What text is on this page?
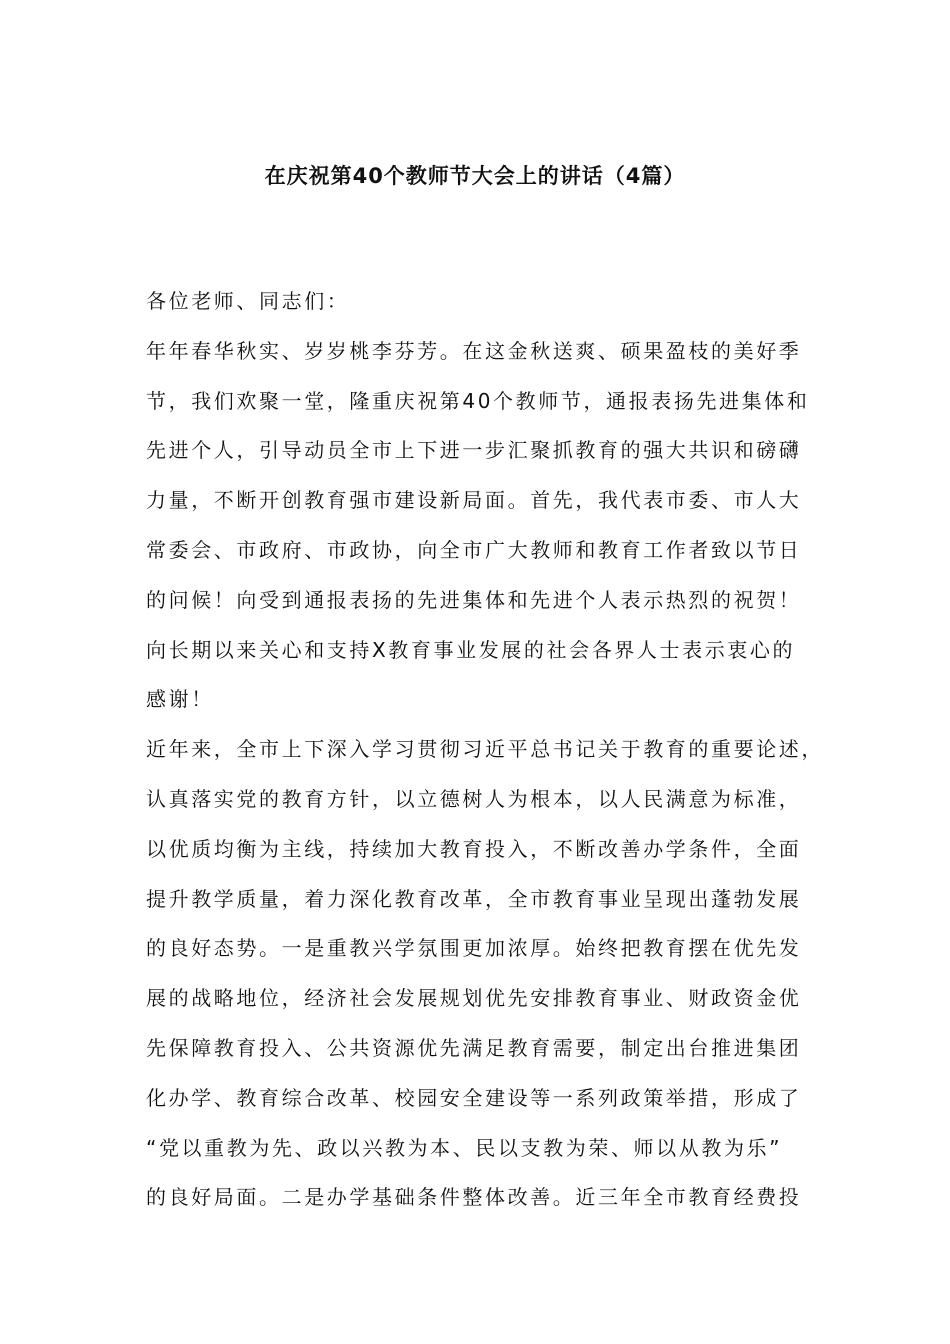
在庆祝第40个教师节大会上的讲话（4篇）
各位老师、同志们：
年年春华秋实、岁岁桃李芬芳。在这金秋送爽、硕果盈枝的美好季
节，我们欢聚一堂，隆重庆祝第40个教师节，通报表扬先进集体和
先进个人，引导动员全市上下进一步汇聚抓教育的强大共识和磅礴
力量，不断开创教育强市建设新局面。首先，我代表市委、市人大
常委会、市政府、市政协，向全市广大教师和教育工作者致以节日
的问候！向受到通报表扬的先进集体和先进个人表示热烈的祝贺！
向长期以来关心和支持X教育事业发展的社会各界人士表示衷心的
感谢！
近年来，全市上下深入学习贯彻习近平总书记关于教育的重要论述，
认真落实党的教育方针，以立德树人为根本，以人民满意为标准，
以优质均衡为主线，持续加大教育投入，不断改善办学条件，全面
提升教学质量，着力深化教育改革，全市教育事业呈现出蓬勃发展
的良好态势。一是重教兴学氛围更加浓厚。始终把教育摆在优先发
展的战略地位，经济社会发展规划优先安排教育事业、财政资金优
先保障教育投入、公共资源优先满足教育需要，制定出台推进集团
化办学、教育综合改革、校园安全建设等一系列政策举措，形成了
“党以重教为先、政以兴教为本、民以支教为荣、师以从教为乐”
的良好局面。二是办学基础条件整体改善。近三年全市教育经费投
